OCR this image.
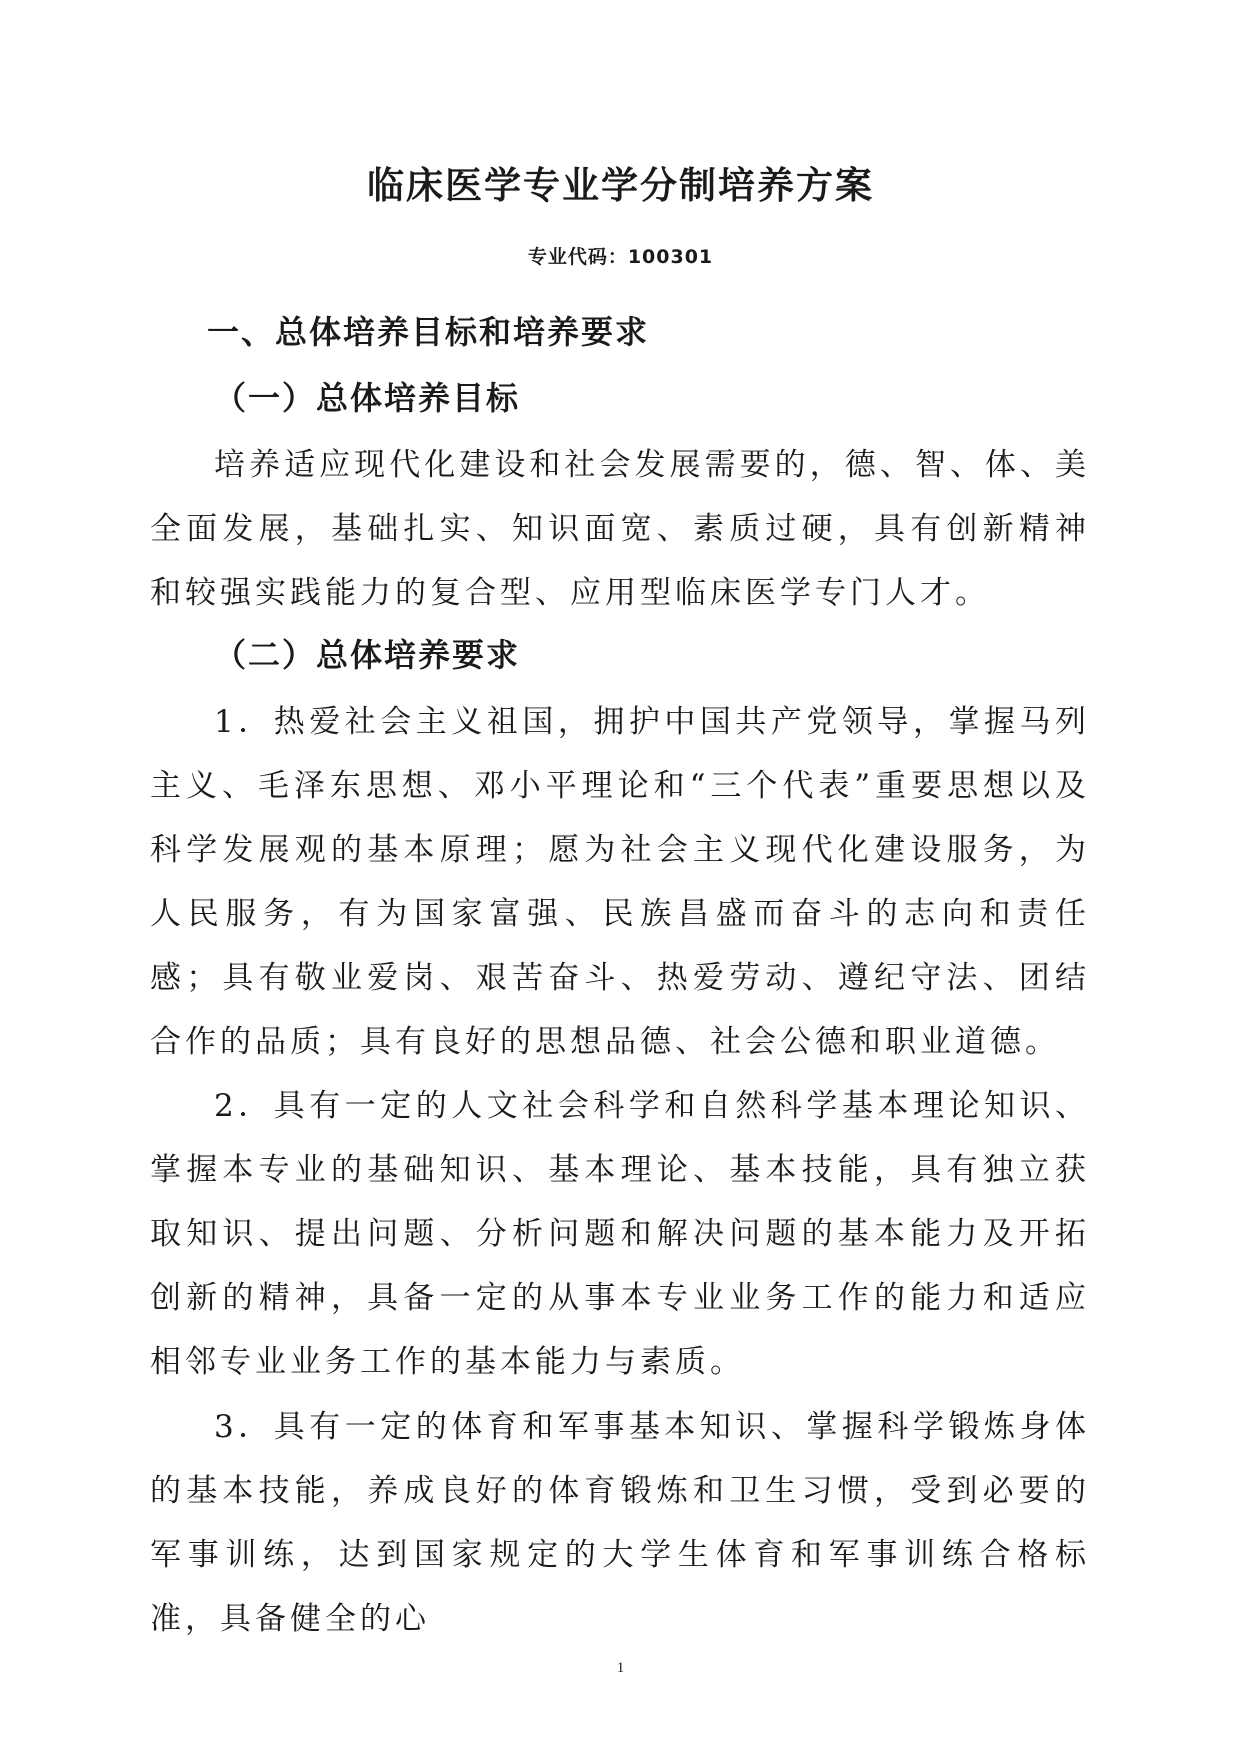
临床医学专业学分制培养方案
专业代码：100301
一、总体培养目标和培养要求
（一）总体培养目标

培养适应现代化建设和社会发展需要的，德、智、体、美全面发展，基础扎实、知识面宽、素质过硬，具有创新精神和较强实践能力的复合型、应用型临床医学专门人才。

（二）总体培养要求

1．热爱社会主义祖国，拥护中国共产党领导，掌握马列主义、毛泽东思想、邓小平理论和“三个代表”重要思想以及科学发展观的基本原理；愿为社会主义现代化建设服务，为人民服务，有为国家富强、民族昌盛而奋斗的志向和责任感；具有敬业爱岗、艰苦奋斗、热爱劳动、遵纪守法、团结合作的品质；具有良好的思想品德、社会公德和职业道德。

2．具有一定的人文社会科学和自然科学基本理论知识、掌握本专业的基础知识、基本理论、基本技能，具有独立获取知识、提出问题、分析问题和解决问题的基本能力及开拓创新的精神，具备一定的从事本专业业务工作的能力和适应相邻专业业务工作的基本能力与素质。

3．具有一定的体育和军事基本知识、掌握科学锻炼身体的基本技能，养成良好的体育锻炼和卫生习惯，受到必要的军事训练，达到国家规定的大学生体育和军事训练合格标准，具备健全的心

1
